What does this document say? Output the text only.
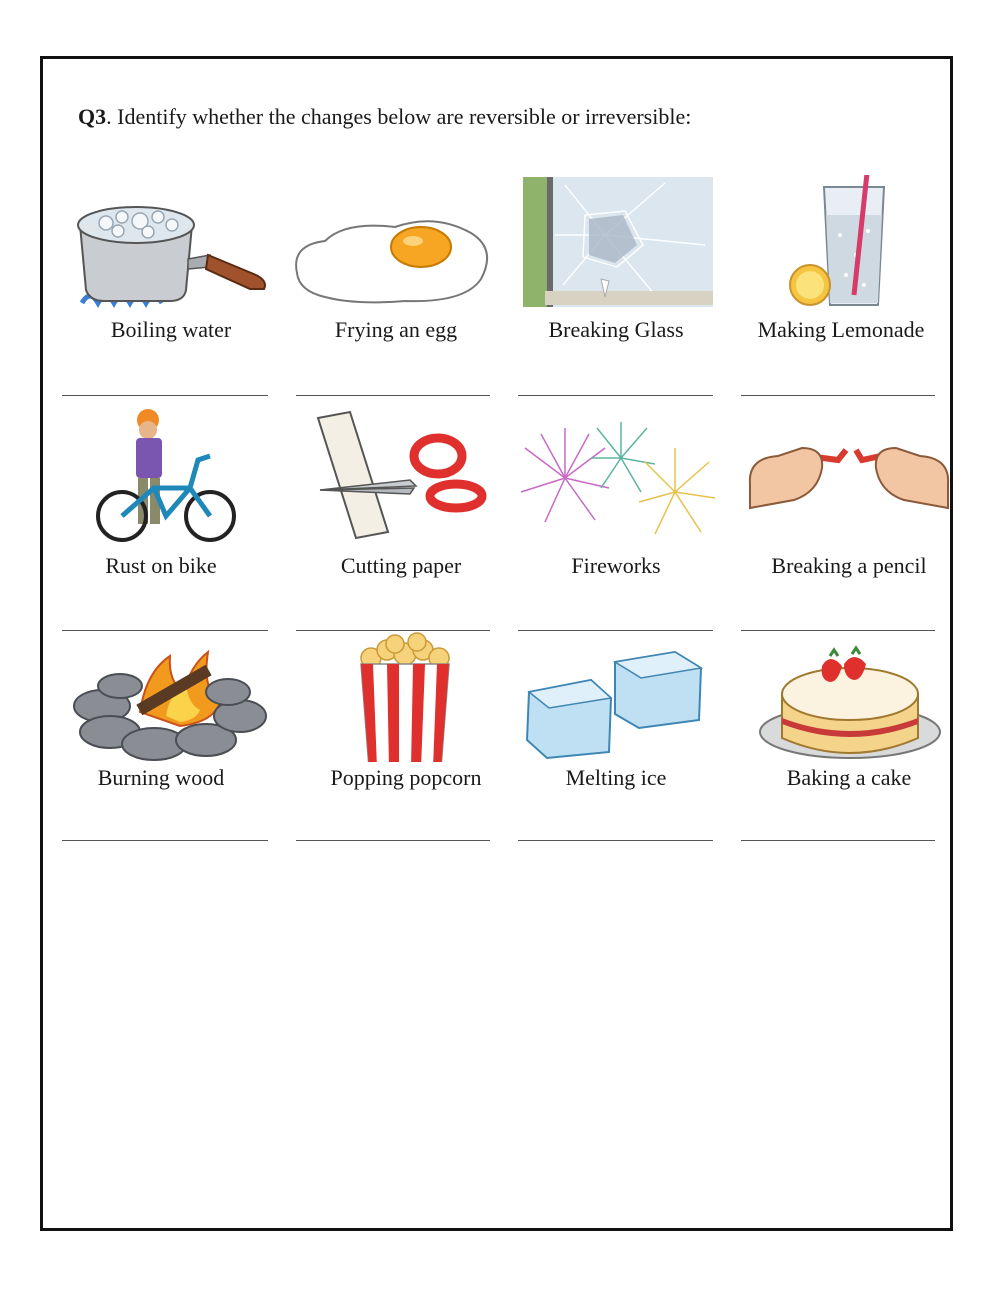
Q3. Identify whether the changes below are reversible or irreversible:
Boiling water	Frying an egg	Breaking Glass	Making Lemonade
Rust on bike	Cutting paper	Fireworks	Breaking a pencil
Burning wood	Popping popcorn	Melting ice	Baking a cake
